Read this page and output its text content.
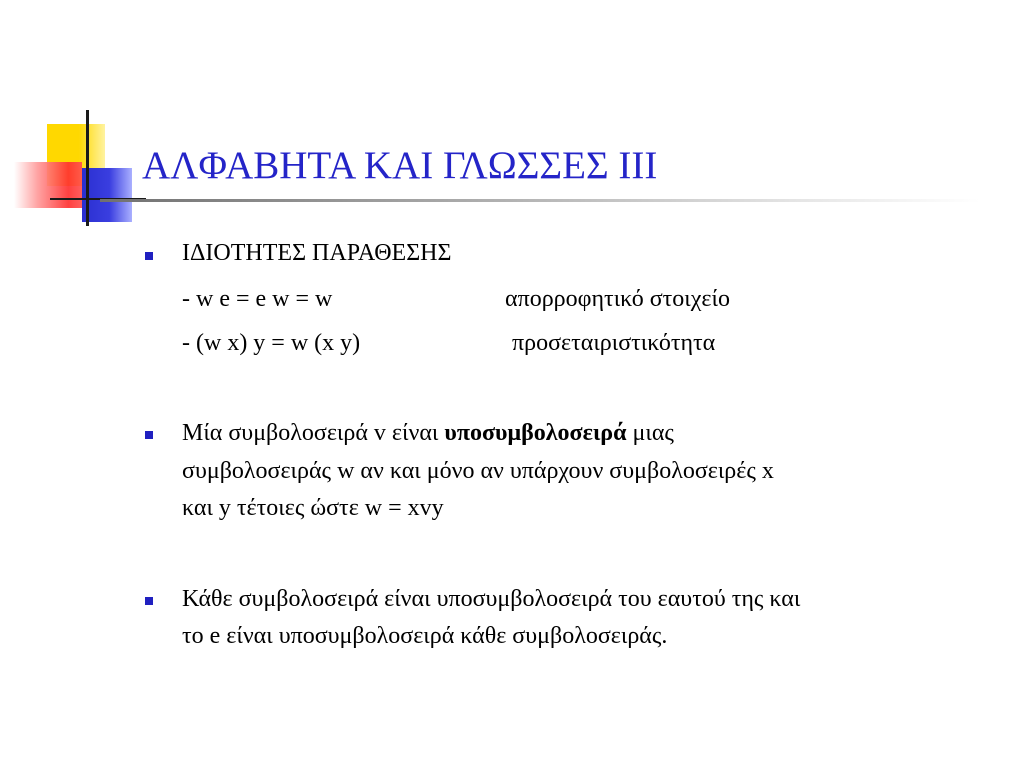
ΑΛΦΑΒΗΤΑ ΚΑΙ ΓΛΩΣΣΕΣ ΙΙΙ
ΙΔΙΟΤΗΤΕΣ ΠΑΡΑΘΕΣΗΣ
- w e = e w = w	απορροφητικό στοιχείο
- (w x) y = w (x y)	προσεταιριστικότητα
Μία συμβολοσειρά v είναι υποσυμβολοσειρά μιας
συμβολοσειράς w αν και μόνο αν υπάρχουν συμβολοσειρές x
και y τέτοιες ώστε w = xvy
Κάθε συμβολοσειρά είναι υποσυμβολοσειρά του εαυτού της και
το e είναι υποσυμβολοσειρά κάθε συμβολοσειράς.
